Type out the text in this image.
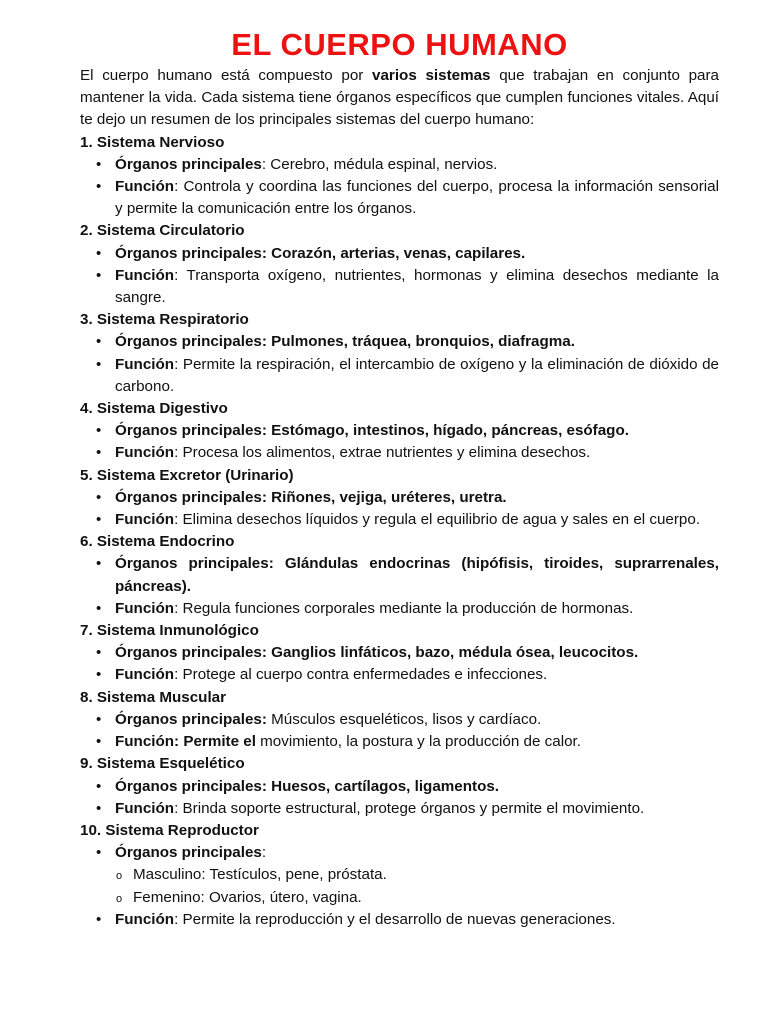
EL CUERPO HUMANO

El cuerpo humano está compuesto por varios sistemas que trabajan en conjunto para mantener la vida. Cada sistema tiene órganos específicos que cumplen funciones vitales. Aquí te dejo un resumen de los principales sistemas del cuerpo humano:

1. Sistema Nervioso
• Órganos principales: Cerebro, médula espinal, nervios.
• Función: Controla y coordina las funciones del cuerpo, procesa la información sensorial y permite la comunicación entre los órganos.
2. Sistema Circulatorio
• Órganos principales: Corazón, arterias, venas, capilares.
• Función: Transporta oxígeno, nutrientes, hormonas y elimina desechos mediante la sangre.
3. Sistema Respiratorio
• Órganos principales: Pulmones, tráquea, bronquios, diafragma.
• Función: Permite la respiración, el intercambio de oxígeno y la eliminación de dióxido de carbono.
4. Sistema Digestivo
• Órganos principales: Estómago, intestinos, hígado, páncreas, esófago.
• Función: Procesa los alimentos, extrae nutrientes y elimina desechos.
5. Sistema Excretor (Urinario)
• Órganos principales: Riñones, vejiga, uréteres, uretra.
• Función: Elimina desechos líquidos y regula el equilibrio de agua y sales en el cuerpo.
6. Sistema Endocrino
• Órganos principales: Glándulas endocrinas (hipófisis, tiroides, suprarrenales, páncreas).
• Función: Regula funciones corporales mediante la producción de hormonas.
7. Sistema Inmunológico
• Órganos principales: Ganglios linfáticos, bazo, médula ósea, leucocitos.
• Función: Protege al cuerpo contra enfermedades e infecciones.
8. Sistema Muscular
• Órganos principales: Músculos esqueléticos, lisos y cardíaco.
• Función: Permite el movimiento, la postura y la producción de calor.
9. Sistema Esquelético
• Órganos principales: Huesos, cartílagos, ligamentos.
• Función: Brinda soporte estructural, protege órganos y permite el movimiento.
10. Sistema Reproductor
• Órganos principales:
o Masculino: Testículos, pene, próstata.
o Femenino: Ovarios, útero, vagina.
• Función: Permite la reproducción y el desarrollo de nuevas generaciones.
